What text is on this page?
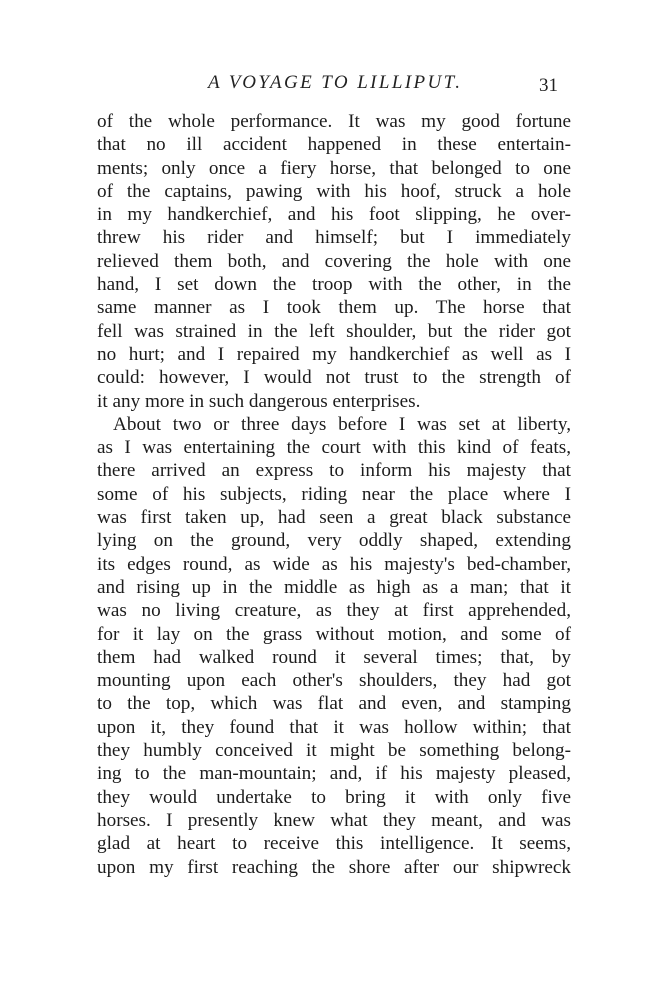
A VOYAGE TO LILLIPUT.	31
of the whole performance. It was my good fortune
that no ill accident happened in these entertain-
ments; only once a fiery horse, that belonged to one
of the captains, pawing with his hoof, struck a hole
in my handkerchief, and his foot slipping, he over-
threw his rider and himself; but I immediately
relieved them both, and covering the hole with one
hand, I set down the troop with the other, in the
same manner as I took them up. The horse that
fell was strained in the left shoulder, but the rider got
no hurt; and I repaired my handkerchief as well as I
could: however, I would not trust to the strength of
it any more in such dangerous enterprises.
About two or three days before I was set at liberty,
as I was entertaining the court with this kind of feats,
there arrived an express to inform his majesty that
some of his subjects, riding near the place where I
was first taken up, had seen a great black substance
lying on the ground, very oddly shaped, extending
its edges round, as wide as his majesty's bed-chamber,
and rising up in the middle as high as a man; that it
was no living creature, as they at first apprehended,
for it lay on the grass without motion, and some of
them had walked round it several times; that, by
mounting upon each other's shoulders, they had got
to the top, which was flat and even, and stamping
upon it, they found that it was hollow within; that
they humbly conceived it might be something belong-
ing to the man-mountain; and, if his majesty pleased,
they would undertake to bring it with only five
horses. I presently knew what they meant, and was
glad at heart to receive this intelligence. It seems,
upon my first reaching the shore after our shipwreck
